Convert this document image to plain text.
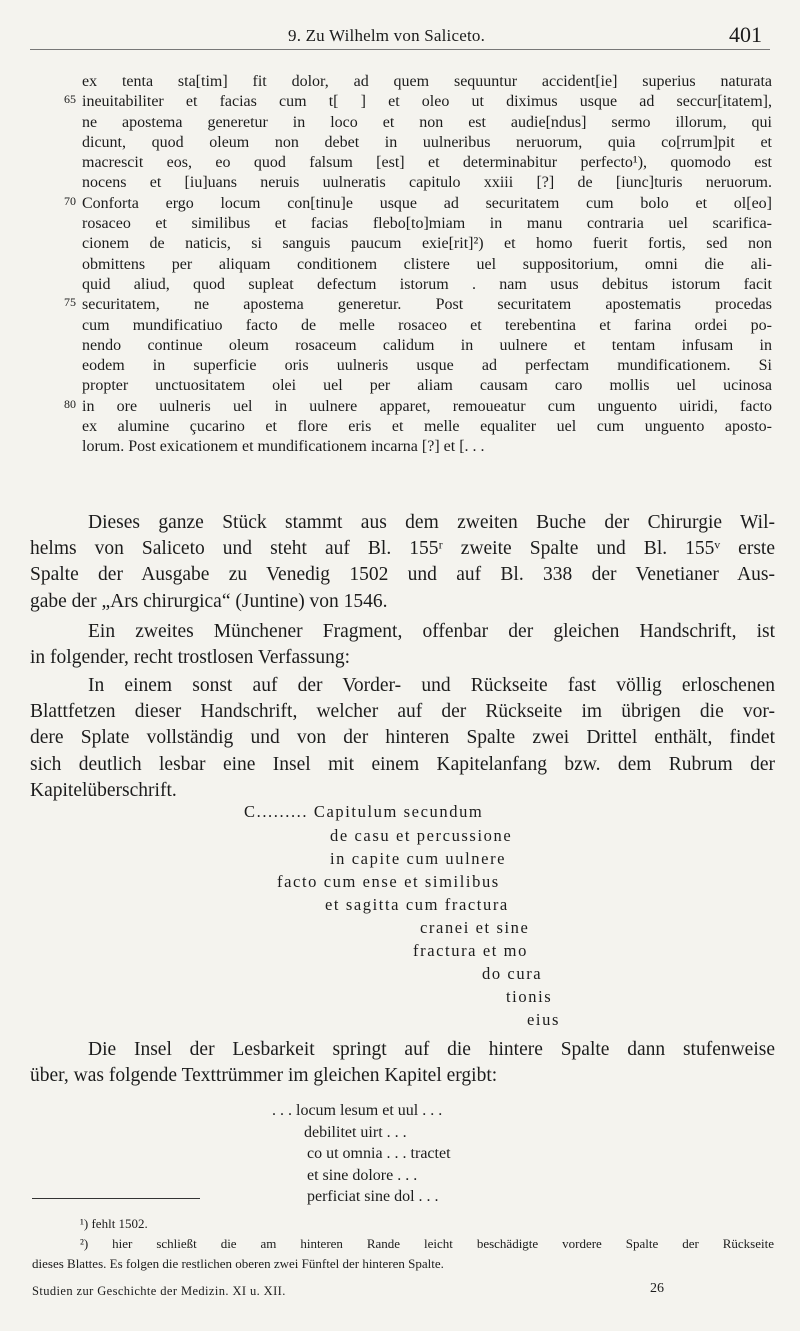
9. Zu Wilhelm von Saliceto.	401
65
70
75
80
ex tenta sta[tim] fit dolor, ad quem sequuntur accident[ie] superius naturata
ineuitabiliter et facias cum t[ ] et oleo ut diximus usque ad seccur[itatem],
ne apostema generetur in loco et non est audie[ndus] sermo illorum, qui
dicunt, quod oleum non debet in uulneribus neruorum, quia co[rrum]pit et
macrescit eos, eo quod falsum [est] et determinabitur perfecto¹), quomodo est
nocens et [iu]uans neruis uulneratis capitulo xxiii [?] de [iunc]turis neruorum.
Conforta ergo locum con[tinu]e usque ad securitatem cum bolo et ol[eo]
rosaceo et similibus et facias flebo[to]miam in manu contraria uel scarifica-
cionem de naticis, si sanguis paucum exie[rit]²) et homo fuerit fortis, sed non
obmittens per aliquam conditionem clistere uel suppositorium, omni die ali-
quid aliud, quod supleat defectum istorum . nam usus debitus istorum facit
securitatem, ne apostema generetur. Post securitatem apostematis procedas
cum mundificatiuo facto de melle rosaceo et terebentina et farina ordei po-
nendo continue oleum rosaceum calidum in uulnere et tentam infusam in
eodem in superficie oris uulneris usque ad perfectam mundificationem. Si
propter unctuositatem olei uel per aliam causam caro mollis uel ucinosa
in ore uulneris uel in uulnere apparet, remoueatur cum unguento uiridi, facto
ex alumine çucarino et flore eris et melle equaliter uel cum unguento aposto-
lorum. Post exicationem et mundificationem incarna [?] et [. . .
Dieses ganze Stück stammt aus dem zweiten Buche der Chirurgie Wil-
helms von Saliceto und steht auf Bl. 155ʳ zweite Spalte und Bl. 155ᵛ erste
Spalte der Ausgabe zu Venedig 1502 und auf Bl. 338 der Venetianer Aus-
gabe der „Ars chirurgica“ (Juntine) von 1546.
Ein zweites Münchener Fragment, offenbar der gleichen Handschrift, ist
in folgender, recht trostlosen Verfassung:
In einem sonst auf der Vorder- und Rückseite fast völlig erloschenen
Blattfetzen dieser Handschrift, welcher auf der Rückseite im übrigen die vor-
dere Splate vollständig und von der hinteren Spalte zwei Drittel enthält, findet
sich deutlich lesbar eine Insel mit einem Kapitelanfang bzw. dem Rubrum der
Kapitelüberschrift.
C......... Capitulum secundum
de casu et percussione
in capite cum uulnere
facto cum ense et similibus
et sagitta cum fractura
cranei et sine
fractura et mo
do cura
tionis
eius
Die Insel der Lesbarkeit springt auf die hintere Spalte dann stufenweise
über, was folgende Texttrümmer im gleichen Kapitel ergibt:
. . . locum lesum et uul . . .
debilitet uirt . . .
co ut omnia . . . tractet
et sine dolore . . .
perficiat sine dol . . .
¹) fehlt 1502.
²) hier schließt die am hinteren Rande leicht beschädigte vordere Spalte der Rückseite
dieses Blattes. Es folgen die restlichen oberen zwei Fünftel der hinteren Spalte.
Studien zur Geschichte der Medizin. XI u. XII.	26
